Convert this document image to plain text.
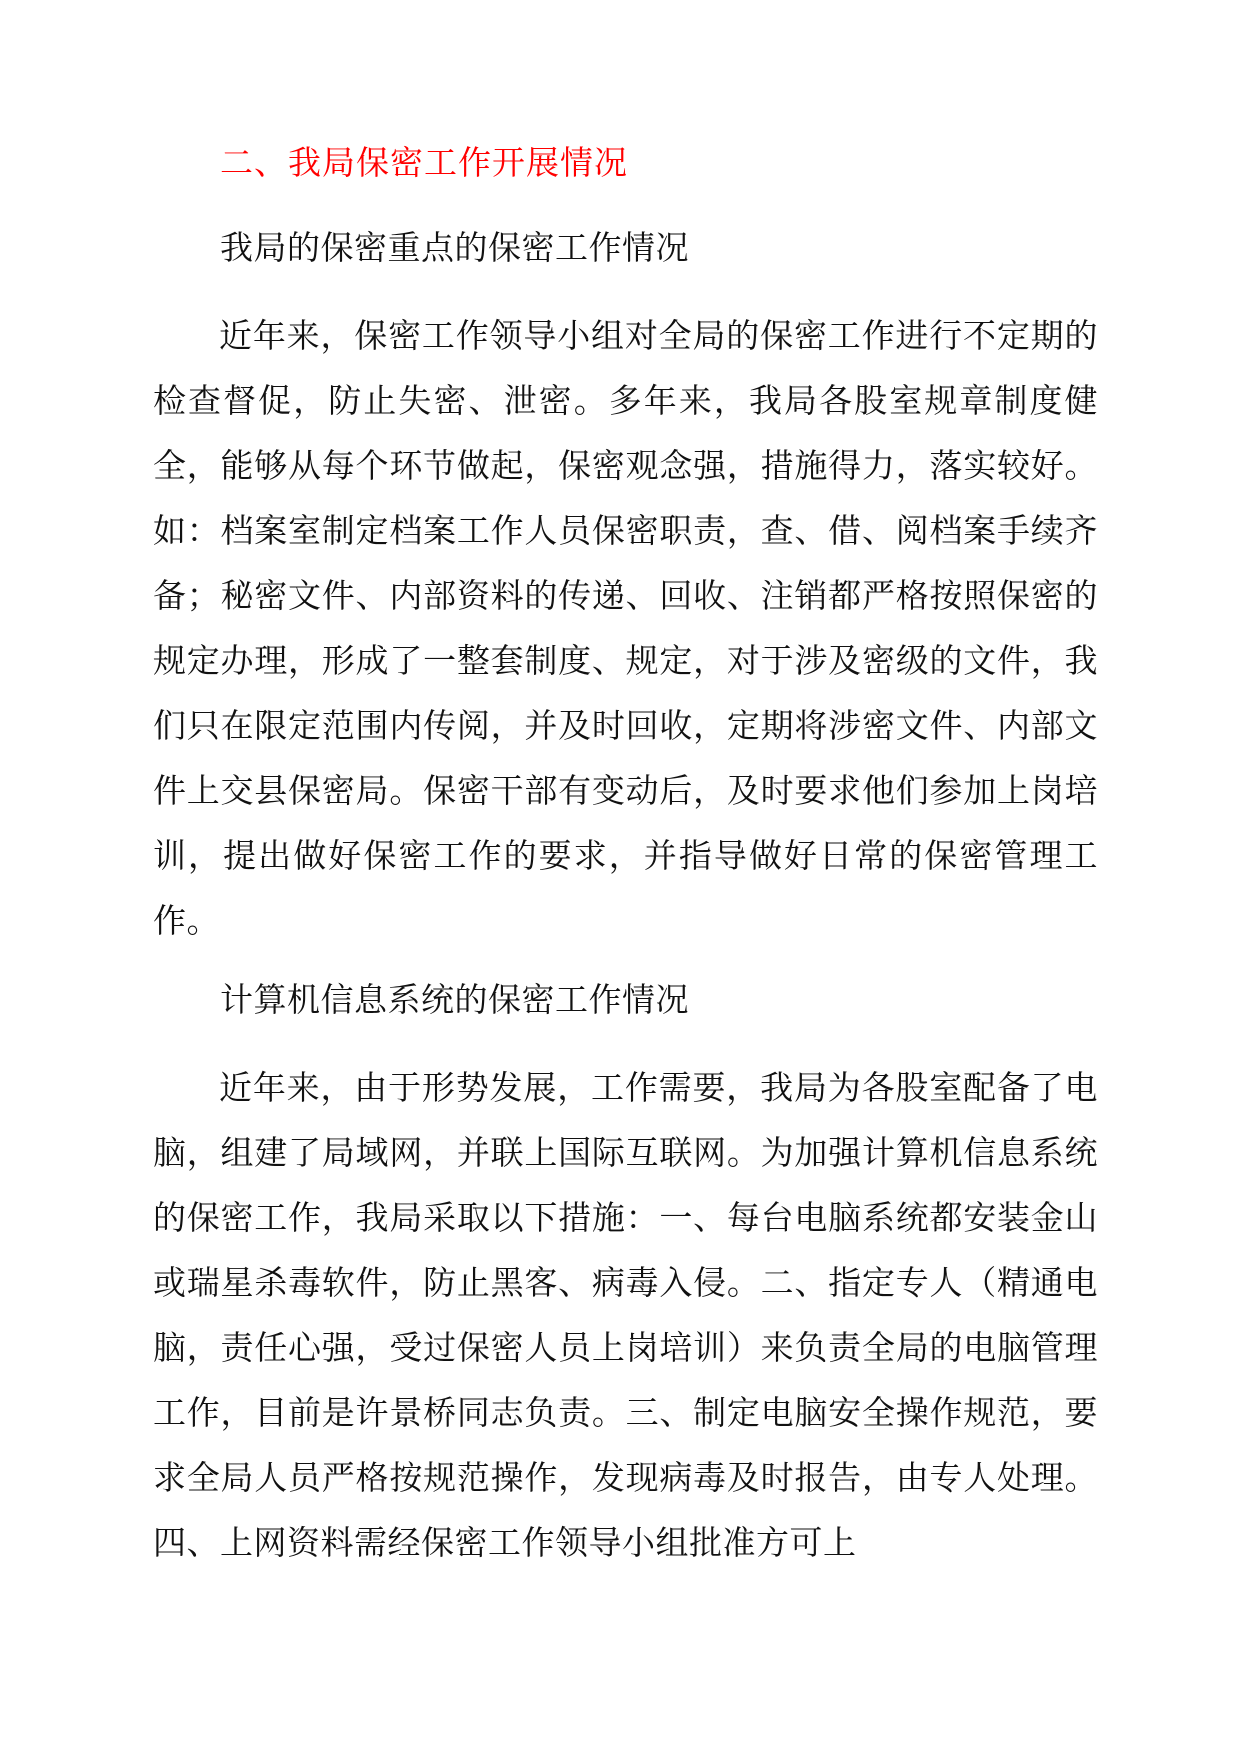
二、我局保密工作开展情况
我局的保密重点的保密工作情况

近年来，保密工作领导小组对全局的保密工作进行不定期的检查督促，防止失密、泄密。多年来，我局各股室规章制度健全，能够从每个环节做起，保密观念强，措施得力，落实较好。如：档案室制定档案工作人员保密职责，查、借、阅档案手续齐备；秘密文件、内部资料的传递、回收、注销都严格按照保密的规定办理，形成了一整套制度、规定，对于涉及密级的文件，我们只在限定范围内传阅，并及时回收，定期将涉密文件、内部文件上交县保密局。保密干部有变动后，及时要求他们参加上岗培训，提出做好保密工作的要求，并指导做好日常的保密管理工作。

计算机信息系统的保密工作情况

近年来，由于形势发展，工作需要，我局为各股室配备了电脑，组建了局域网，并联上国际互联网。为加强计算机信息系统的保密工作，我局采取以下措施：一、每台电脑系统都安装金山或瑞星杀毒软件，防止黑客、病毒入侵。二、指定专人（精通电脑，责任心强，受过保密人员上岗培训）来负责全局的电脑管理工作，目前是许景桥同志负责。三、制定电脑安全操作规范，要求全局人员严格按规范操作，发现病毒及时报告，由专人处理。四、上网资料需经保密工作领导小组批准方可上
